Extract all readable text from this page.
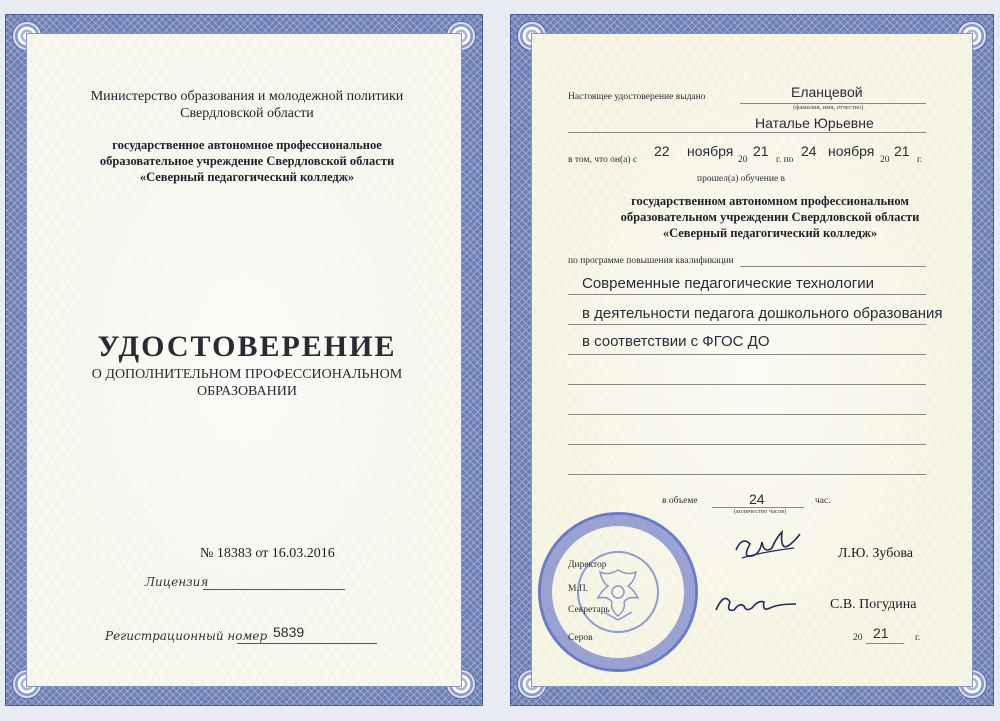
Министерство образования и молодежной политики
Свердловской области
государственное автономное профессиональное
образовательное учреждение Свердловской области
«Северный педагогический колледж»
УДОСТОВЕРЕНИЕ
О ДОПОЛНИТЕЛЬНОМ ПРОФЕССИОНАЛЬНОМ
ОБРАЗОВАНИИ
№ 18383 от 16.03.2016
Лицензия
Регистрационный номер 5839
Настоящее удостоверение выдано	Еланцевой
(фамилия, имя, отчество)
Наталье Юрьевне
в том, что он(а) с
22 ноября
20
21
г. по
24 ноября
20
21
г.
прошел(а) обучение в
государственном автономном профессиональном
образовательном учреждении Свердловской области
«Северный педагогический колледж»
по программе повышения квалификации
Современные педагогические технологии
в деятельности педагога дошкольного образования
в соответствии с ФГОС ДО
в объеме	24
(количество часов)
час.
Директор
Л.Ю. Зубова
М.П.
Секретарь	С.В. Погудина
Серов	20 21	г.
